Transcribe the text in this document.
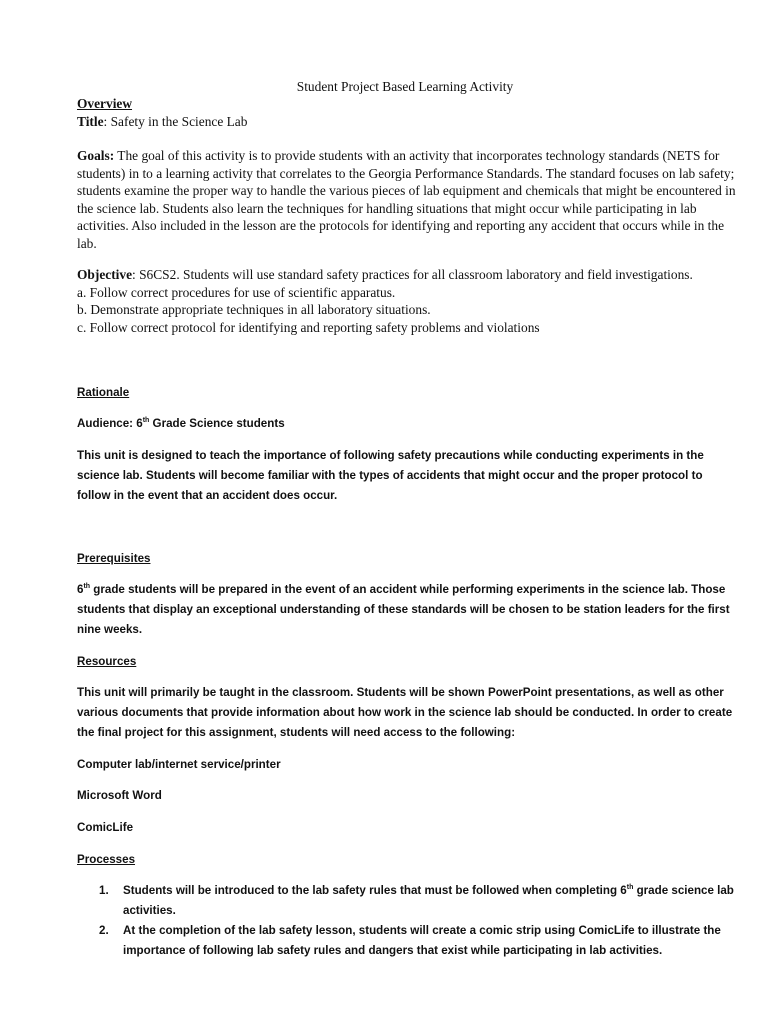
Student Project Based Learning Activity
Overview
Title: Safety in the Science Lab
Goals: The goal of this activity is to provide students with an activity that incorporates technology standards (NETS for students) in to a learning activity that correlates to the Georgia Performance Standards. The standard focuses on lab safety; students examine the proper way to handle the various pieces of lab equipment and chemicals that might be encountered in the science lab. Students also learn the techniques for handling situations that might occur while participating in lab activities. Also included in the lesson are the protocols for identifying and reporting any accident that occurs while in the lab.
Objective: S6CS2. Students will use standard safety practices for all classroom laboratory and field investigations.
a. Follow correct procedures for use of scientific apparatus.
b. Demonstrate appropriate techniques in all laboratory situations.
c. Follow correct protocol for identifying and reporting safety problems and violations
Rationale
Audience: 6th Grade Science students
This unit is designed to teach the importance of following safety precautions while conducting experiments in the science lab. Students will become familiar with the types of accidents that might occur and the proper protocol to follow in the event that an accident does occur.
Prerequisites
6th grade students will be prepared in the event of an accident while performing experiments in the science lab. Those students that display an exceptional understanding of these standards will be chosen to be station leaders for the first nine weeks.
Resources
This unit will primarily be taught in the classroom. Students will be shown PowerPoint presentations, as well as other various documents that provide information about how work in the science lab should be conducted. In order to create the final project for this assignment, students will need access to the following:
Computer lab/internet service/printer
Microsoft Word
ComicLife
Processes
1. Students will be introduced to the lab safety rules that must be followed when completing 6th grade science lab activities.
2. At the completion of the lab safety lesson, students will create a comic strip using ComicLife to illustrate the importance of following lab safety rules and dangers that exist while participating in lab activities.
